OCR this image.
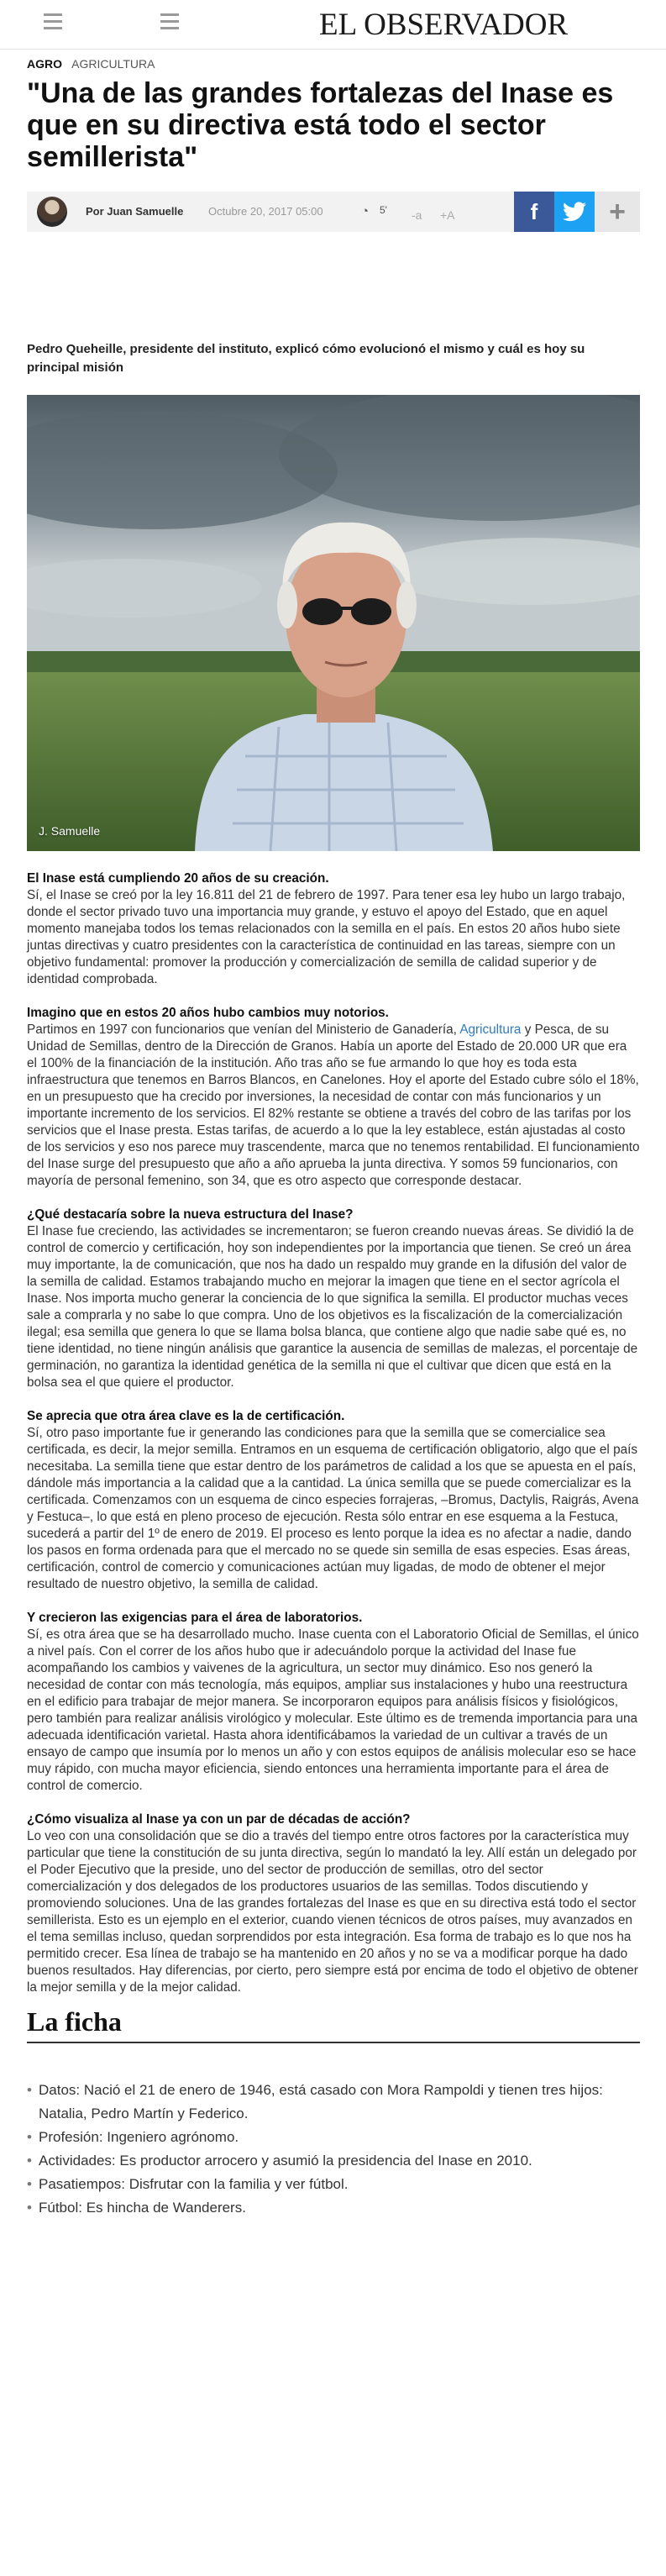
EL OBSERVADOR
AGRO AGRICULTURA
"Una de las grandes fortalezas del Inase es que en su directiva está todo el sector semillerista"
Por Juan Samuelle Octubre 20, 2017 05:00	◔ 5' -a +A	f	+

Pedro Queheille, presidente del instituto, explicó cómo evolucionó el mismo y cuál es hoy su principal misión

J. Samuelle

El Inase está cumpliendo 20 años de su creación.

Sí, el Inase se creó por la ley 16.811 del 21 de febrero de 1997. Para tener esa ley hubo un largo trabajo, donde el sector privado tuvo una importancia muy grande, y estuvo el apoyo del Estado, que en aquel momento manejaba todos los temas relacionados con la semilla en el país. En estos 20 años hubo siete juntas directivas y cuatro presidentes con la característica de continuidad en las tareas, siempre con un objetivo fundamental: promover la producción y comercialización de semilla de calidad superior y de identidad comprobada.

Imagino que en estos 20 años hubo cambios muy notorios.

Partimos en 1997 con funcionarios que venían del Ministerio de Ganadería, Agricultura y Pesca, de su Unidad de Semillas, dentro de la Dirección de Granos. Había un aporte del Estado de 20.000 UR que era el 100% de la financiación de la institución. Año tras año se fue armando lo que hoy es toda esta infraestructura que tenemos en Barros Blancos, en Canelones. Hoy el aporte del Estado cubre sólo el 18%, en un presupuesto que ha crecido por inversiones, la necesidad de contar con más funcionarios y un importante incremento de los servicios. El 82% restante se obtiene a través del cobro de las tarifas por los servicios que el Inase presta. Estas tarifas, de acuerdo a lo que la ley establece, están ajustadas al costo de los servicios y eso nos parece muy trascendente, marca que no tenemos rentabilidad. El funcionamiento del Inase surge del presupuesto que año a año aprueba la junta directiva. Y somos 59 funcionarios, con mayoría de personal femenino, son 34, que es otro aspecto que corresponde destacar.

¿Qué destacaría sobre la nueva estructura del Inase?

El Inase fue creciendo, las actividades se incrementaron; se fueron creando nuevas áreas. Se dividió la de control de comercio y certificación, hoy son independientes por la importancia que tienen. Se creó un área muy importante, la de comunicación, que nos ha dado un respaldo muy grande en la difusión del valor de la semilla de calidad. Estamos trabajando mucho en mejorar la imagen que tiene en el sector agrícola el Inase. Nos importa mucho generar la conciencia de lo que significa la semilla. El productor muchas veces sale a comprarla y no sabe lo que compra. Uno de los objetivos es la fiscalización de la comercialización ilegal; esa semilla que genera lo que se llama bolsa blanca, que contiene algo que nadie sabe qué es, no tiene identidad, no tiene ningún análisis que garantice la ausencia de semillas de malezas, el porcentaje de germinación, no garantiza la identidad genética de la semilla ni que el cultivar que dicen que está en la bolsa sea el que quiere el productor.

Se aprecia que otra área clave es la de certificación.

Sí, otro paso importante fue ir generando las condiciones para que la semilla que se comercialice sea certificada, es decir, la mejor semilla. Entramos en un esquema de certificación obligatorio, algo que el país necesitaba. La semilla tiene que estar dentro de los parámetros de calidad a los que se apuesta en el país, dándole más importancia a la calidad que a la cantidad. La única semilla que se puede comercializar es la certificada. Comenzamos con un esquema de cinco especies forrajeras, –Bromus, Dactylis, Raigrás, Avena y Festuca–, lo que está en pleno proceso de ejecución. Resta sólo entrar en ese esquema a la Festuca, sucederá a partir del 1º de enero de 2019. El proceso es lento porque la idea es no afectar a nadie, dando los pasos en forma ordenada para que el mercado no se quede sin semilla de esas especies. Esas áreas, certificación, control de comercio y comunicaciones actúan muy ligadas, de modo de obtener el mejor resultado de nuestro objetivo, la semilla de calidad.

Y crecieron las exigencias para el área de laboratorios.

Sí, es otra área que se ha desarrollado mucho. Inase cuenta con el Laboratorio Oficial de Semillas, el único a nivel país. Con el correr de los años hubo que ir adecuándolo porque la actividad del Inase fue acompañando los cambios y vaivenes de la agricultura, un sector muy dinámico. Eso nos generó la necesidad de contar con más tecnología, más equipos, ampliar sus instalaciones y hubo una reestructura en el edificio para trabajar de mejor manera. Se incorporaron equipos para análisis físicos y fisiológicos, pero también para realizar análisis virológico y molecular. Este último es de tremenda importancia para una adecuada identificación varietal. Hasta ahora identificábamos la variedad de un cultivar a través de un ensayo de campo que insumía por lo menos un año y con estos equipos de análisis molecular eso se hace muy rápido, con mucha mayor eficiencia, siendo entonces una herramienta importante para el área de control de comercio.

¿Cómo visualiza al Inase ya con un par de décadas de acción?

Lo veo con una consolidación que se dio a través del tiempo entre otros factores por la característica muy particular que tiene la constitución de su junta directiva, según lo mandató la ley. Allí están un delegado por el Poder Ejecutivo que la preside, uno del sector de producción de semillas, otro del sector comercialización y dos delegados de los productores usuarios de las semillas. Todos discutiendo y promoviendo soluciones. Una de las grandes fortalezas del Inase es que en su directiva está todo el sector semillerista. Esto es un ejemplo en el exterior, cuando vienen técnicos de otros países, muy avanzados en el tema semillas incluso, quedan sorprendidos por esta integración. Esa forma de trabajo es lo que nos ha permitido crecer. Esa línea de trabajo se ha mantenido en 20 años y no se va a modificar porque ha dado buenos resultados. Hay diferencias, por cierto, pero siempre está por encima de todo el objetivo de obtener la mejor semilla y de la mejor calidad.

La ficha
• Datos: Nació el 21 de enero de 1946, está casado con Mora Rampoldi y tienen tres hijos: Natalia, Pedro Martín y Federico.
• Profesión: Ingeniero agrónomo.
• Actividades: Es productor arrocero y asumió la presidencia del Inase en 2010.
• Pasatiempos: Disfrutar con la familia y ver fútbol.
• Fútbol: Es hincha de Wanderers.
